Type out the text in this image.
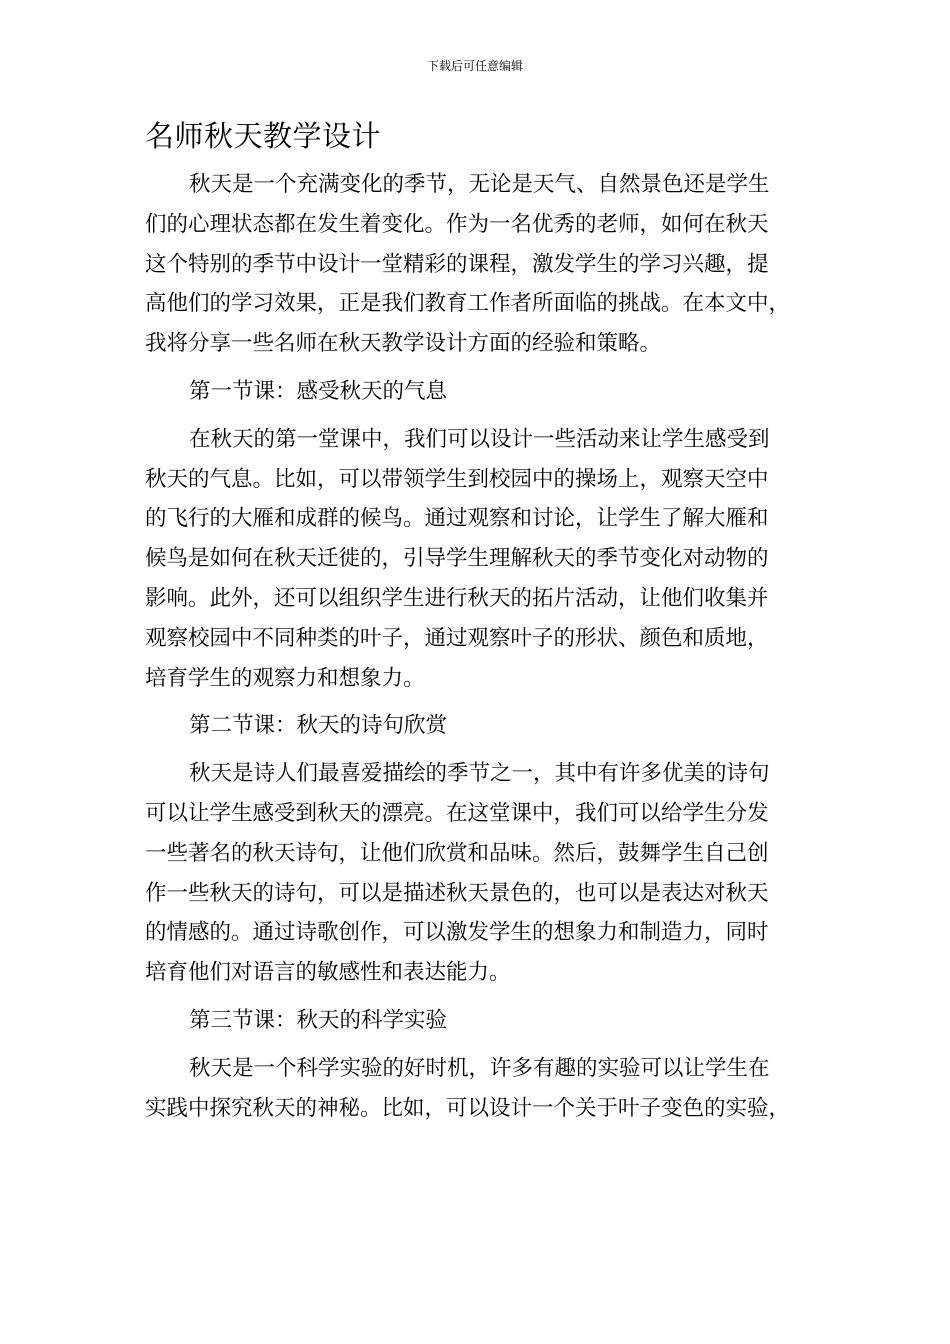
下载后可任意编辑
名师秋天教学设计
秋天是一个充满变化的季节，无论是天气、自然景色还是学生
们的心理状态都在发生着变化。作为一名优秀的老师，如何在秋天
这个特别的季节中设计一堂精彩的课程，激发学生的学习兴趣，提
高他们的学习效果，正是我们教育工作者所面临的挑战。在本文中，
我将分享一些名师在秋天教学设计方面的经验和策略。
第一节课：感受秋天的气息
在秋天的第一堂课中，我们可以设计一些活动来让学生感受到
秋天的气息。比如，可以带领学生到校园中的操场上，观察天空中
的飞行的大雁和成群的候鸟。通过观察和讨论，让学生了解大雁和
候鸟是如何在秋天迁徙的，引导学生理解秋天的季节变化对动物的
影响。此外，还可以组织学生进行秋天的拓片活动，让他们收集并
观察校园中不同种类的叶子，通过观察叶子的形状、颜色和质地，
培育学生的观察力和想象力。
第二节课：秋天的诗句欣赏
秋天是诗人们最喜爱描绘的季节之一，其中有许多优美的诗句
可以让学生感受到秋天的漂亮。在这堂课中，我们可以给学生分发
一些著名的秋天诗句，让他们欣赏和品味。然后，鼓舞学生自己创
作一些秋天的诗句，可以是描述秋天景色的，也可以是表达对秋天
的情感的。通过诗歌创作，可以激发学生的想象力和制造力，同时
培育他们对语言的敏感性和表达能力。
第三节课：秋天的科学实验
秋天是一个科学实验的好时机，许多有趣的实验可以让学生在
实践中探究秋天的神秘。比如，可以设计一个关于叶子变色的实验，
